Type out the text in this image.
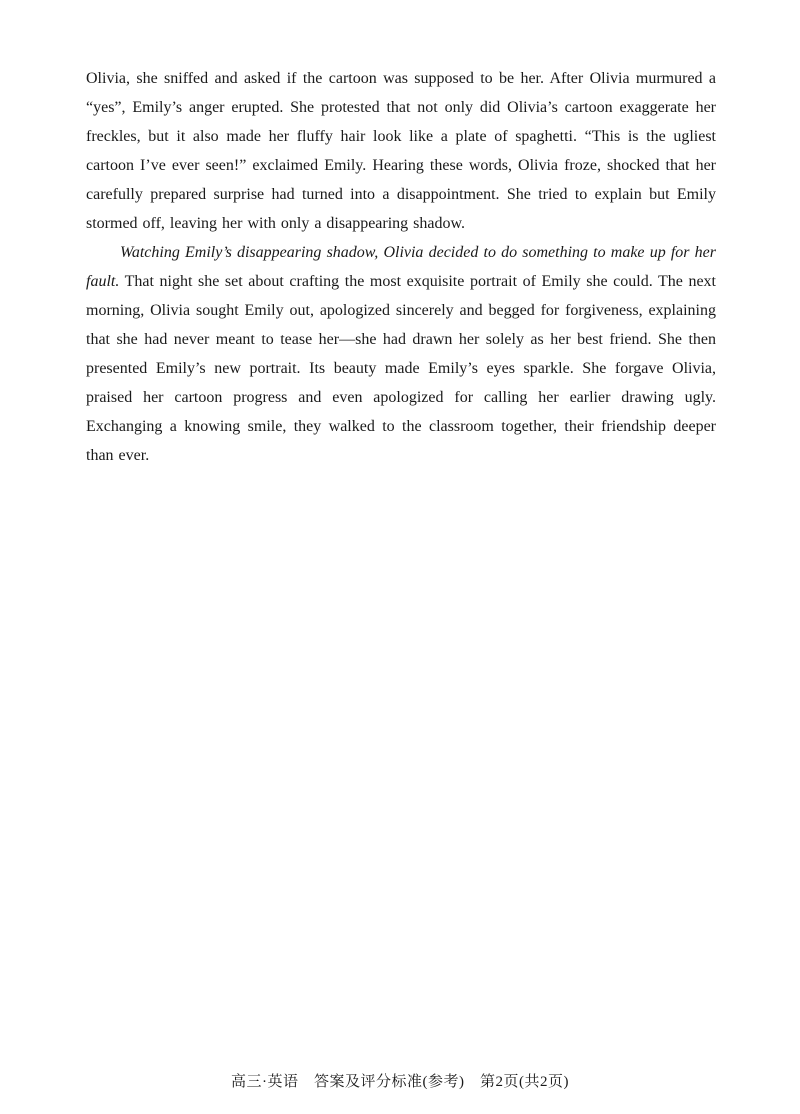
Olivia, she sniffed and asked if the cartoon was supposed to be her. After Olivia murmured a “yes”, Emily’s anger erupted. She protested that not only did Olivia’s cartoon exaggerate her freckles, but it also made her fluffy hair look like a plate of spaghetti. “This is the ugliest cartoon I’ve ever seen!” exclaimed Emily. Hearing these words, Olivia froze, shocked that her carefully prepared surprise had turned into a disappointment. She tried to explain but Emily stormed off, leaving her with only a disappearing shadow.

Watching Emily’s disappearing shadow, Olivia decided to do something to make up for her fault. That night she set about crafting the most exquisite portrait of Emily she could. The next morning, Olivia sought Emily out, apologized sincerely and begged for forgiveness, explaining that she had never meant to tease her—she had drawn her solely as her best friend. She then presented Emily’s new portrait. Its beauty made Emily’s eyes sparkle. She forgave Olivia, praised her cartoon progress and even apologized for calling her earlier drawing ugly. Exchanging a knowing smile, they walked to the classroom together, their friendship deeper than ever.

高三·英语　答案及评分标准(参考)　第2页(共2页)
